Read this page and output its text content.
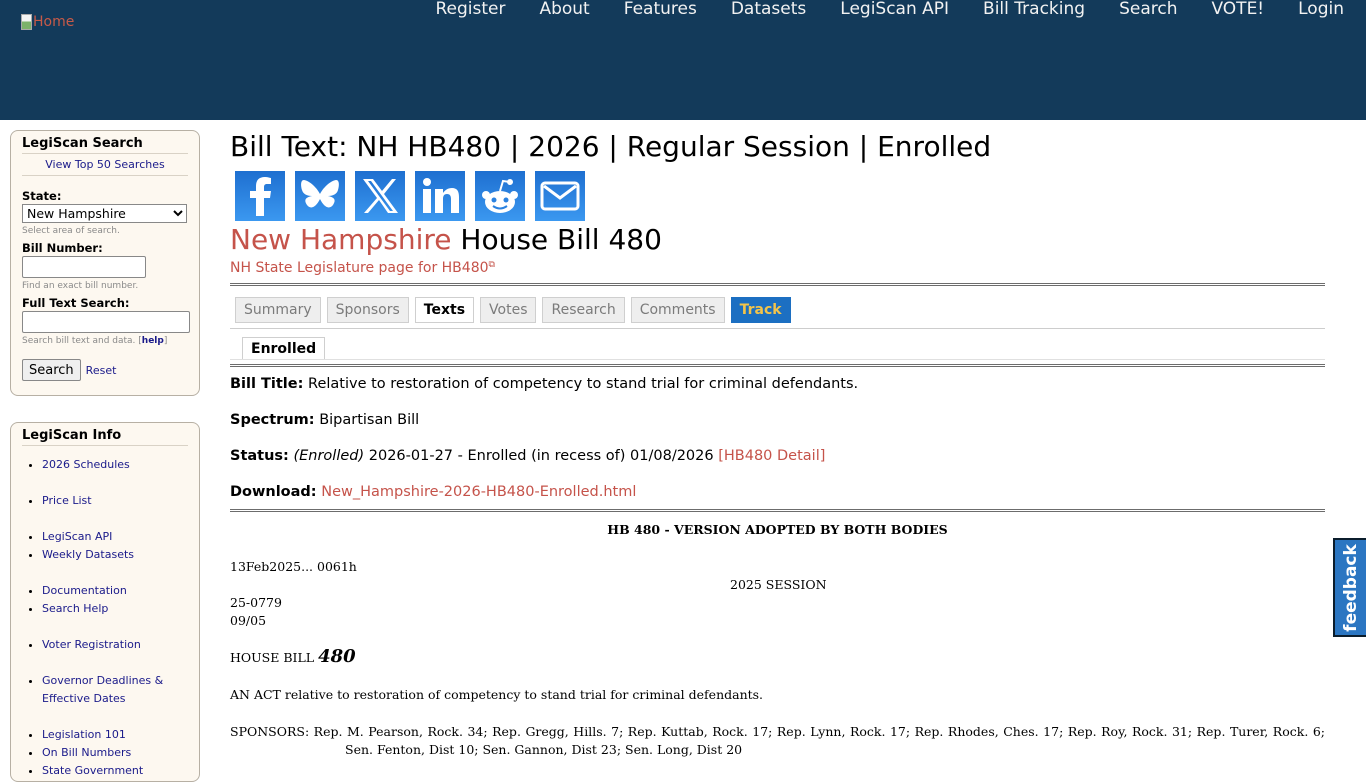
Home
Register	About	Features	Datasets	LegiScan API	Bill Tracking	Search	VOTE!	Login
LegiScan Search
View Top 50 Searches
State:
New Hampshire
Select area of search.
Bill Number:
Find an exact bill number.
Full Text Search:
Search bill text and data. [help]
Search	Reset
LegiScan Info
• 2026 Schedules
• Price List
• LegiScan API
• Weekly Datasets
• Documentation
• Search Help
• Voter Registration
• Governor Deadlines & Effective Dates
• Legislation 101
• On Bill Numbers
• State Government
Bill Text: NH HB480 | 2026 | Regular Session | Enrolled
New Hampshire House Bill 480
NH State Legislature page for HB480⧉
Summary	Sponsors	Texts	Votes	Research	Comments	Track
Enrolled

Bill Title: Relative to restoration of competency to stand trial for criminal defendants.

Spectrum: Bipartisan Bill

Status: (Enrolled) 2026-01-27 - Enrolled (in recess of) 01/08/2026 [HB480 Detail]

Download: New_Hampshire-2026-HB480-Enrolled.html

HB 480 - VERSION ADOPTED BY BOTH BODIES
13Feb2025... 0061h
2025 SESSION
25-0779
09/05
HOUSE BILL 480
AN ACT relative to restoration of competency to stand trial for criminal defendants.
SPONSORS: Rep. M. Pearson, Rock. 34; Rep. Gregg, Hills. 7; Rep. Kuttab, Rock. 17; Rep. Lynn, Rock. 17; Rep. Rhodes, Ches. 17; Rep. Roy, Rock. 31; Rep. Turer, Rock. 6; Sen. Fenton, Dist 10; Sen. Gannon, Dist 23; Sen. Long, Dist 20
feedback
